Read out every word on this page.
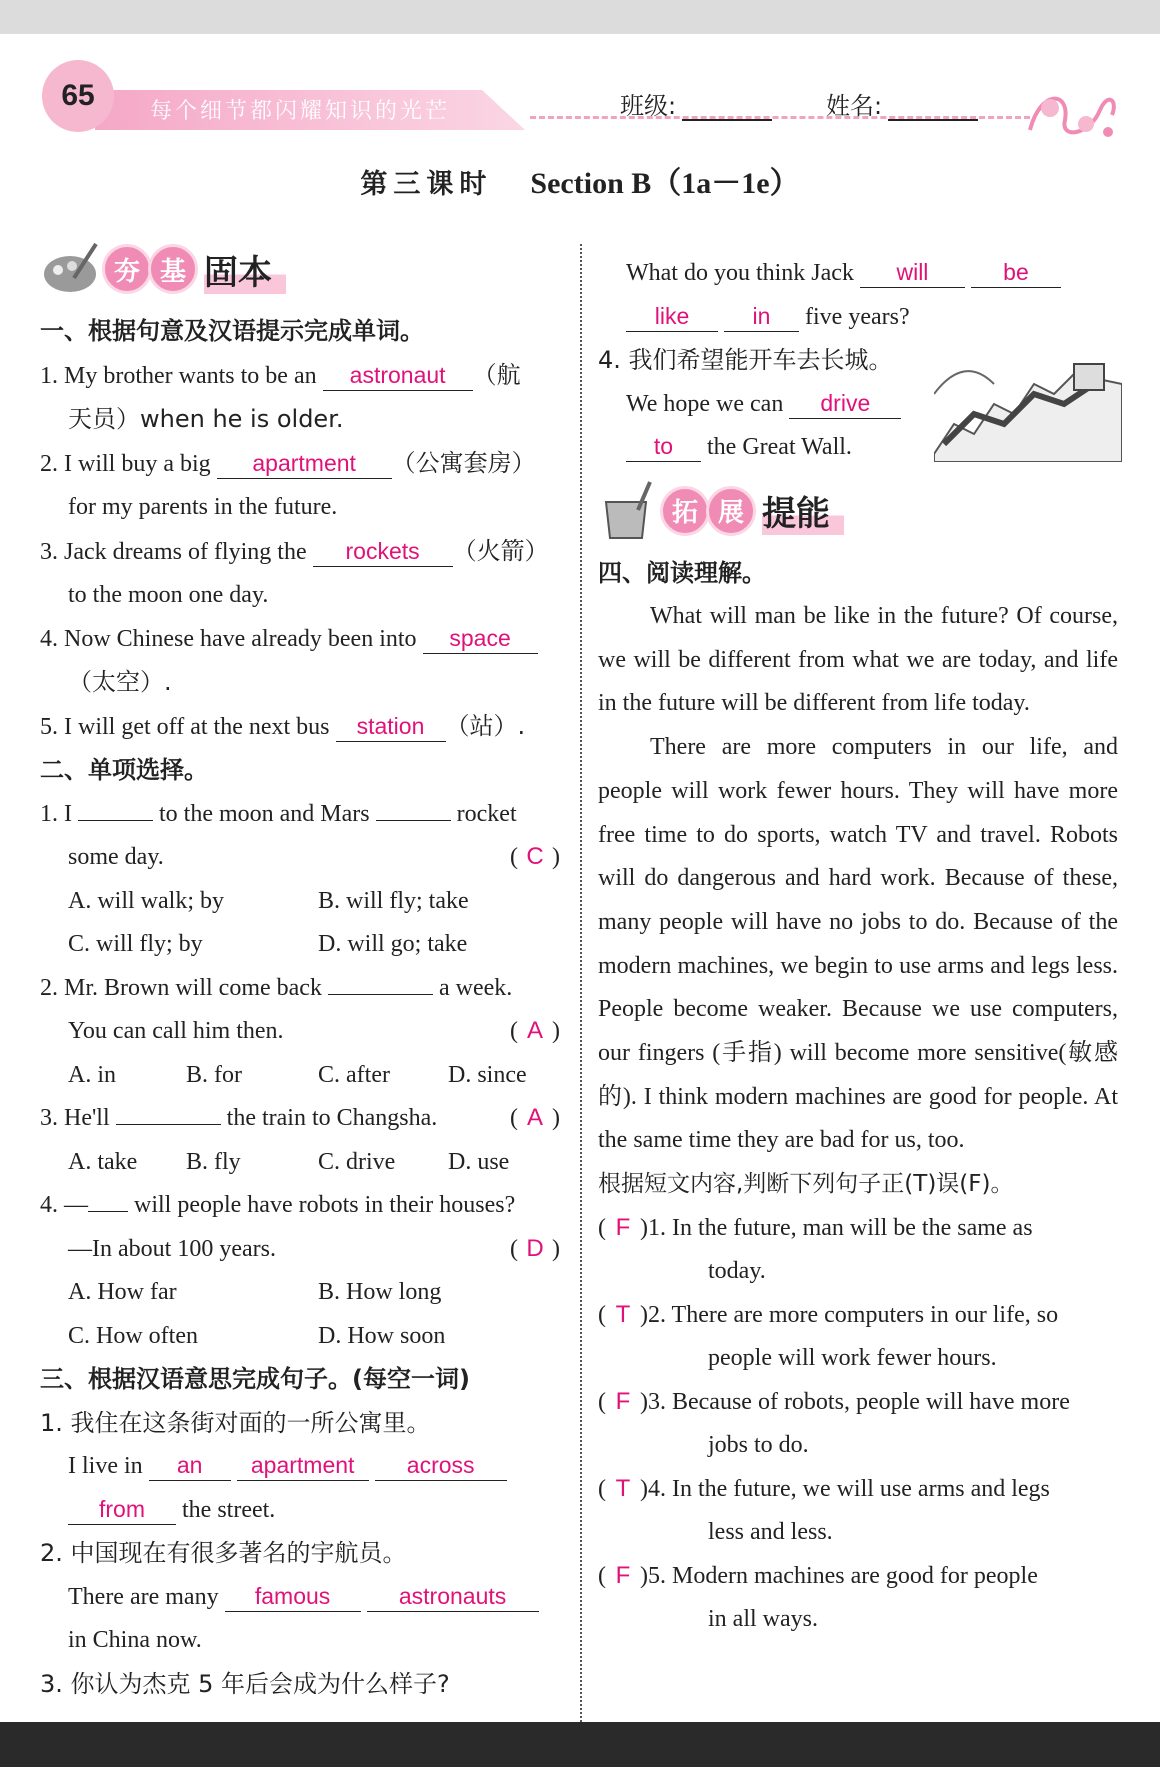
65	每个细节都闪耀知识的光芒	班级:	姓名:
第三课时 Section B（1a－1e）
夯 基 固本
一、根据句意及汉语提示完成单词。
1. My brother wants to be an astronaut （航
天员）when he is older.
2. I will buy a big apartment （公寓套房）
for my parents in the future.
3. Jack dreams of flying the rockets （火箭）
to the moon one day.
4. Now Chinese have already been into space
（太空）.
5. I will get off at the next bus station （站）.
二、单项选择。
1. I	to the moon and Mars	rocket
some day.	( C )
A. will walk; by	B. will fly; take
C. will fly; by	D. will go; take
2. Mr. Brown will come back	a week.
You can call him then.	( A )
A. in	B. for	C. after D. since
3. He'll	the train to Changsha.	( A )
A. take B. fly	C. drive D. use
4. — will people have robots in their houses?
—In about 100 years.	( D )
A. How far	B. How long
C. How often	D. How soon
三、根据汉语意思完成句子。(每空一词)
1. 我住在这条街对面的一所公寓里。
I live in an apartment across
from the street.
2. 中国现在有很多著名的宇航员。
There are many famous	astronauts
in China now.
3. 你认为杰克 5 年后会成为什么样子?
What do you think Jack will	be
like	in five years?
4. 我们希望能开车去长城。
We hope we can drive
to the Great Wall.
拓 展 提能
四、阅读理解。
What will man be like in the future? Of course, we will be different from what we are today, and life in the future will be different from life today.
There are more computers in our life, and people will work fewer hours. They will have more free time to do sports, watch TV and travel. Robots will do dangerous and hard work. Because of these, many people will have no jobs to do. Because of the modern machines, we begin to use arms and legs less. People become weaker. Because we use computers, our fingers (手指) will become more sensitive(敏感的). I think modern machines are good for people. At the same time they are bad for us, too.
根据短文内容,判断下列句子正(T)误(F)。
( F )1. In the future, man will be the same as
today.
( T )2. There are more computers in our life, so
people will work fewer hours.
( F )3. Because of robots, people will have more
jobs to do.
( T )4. In the future, we will use arms and legs
less and less.
( F )5. Modern machines are good for people
in all ways.
